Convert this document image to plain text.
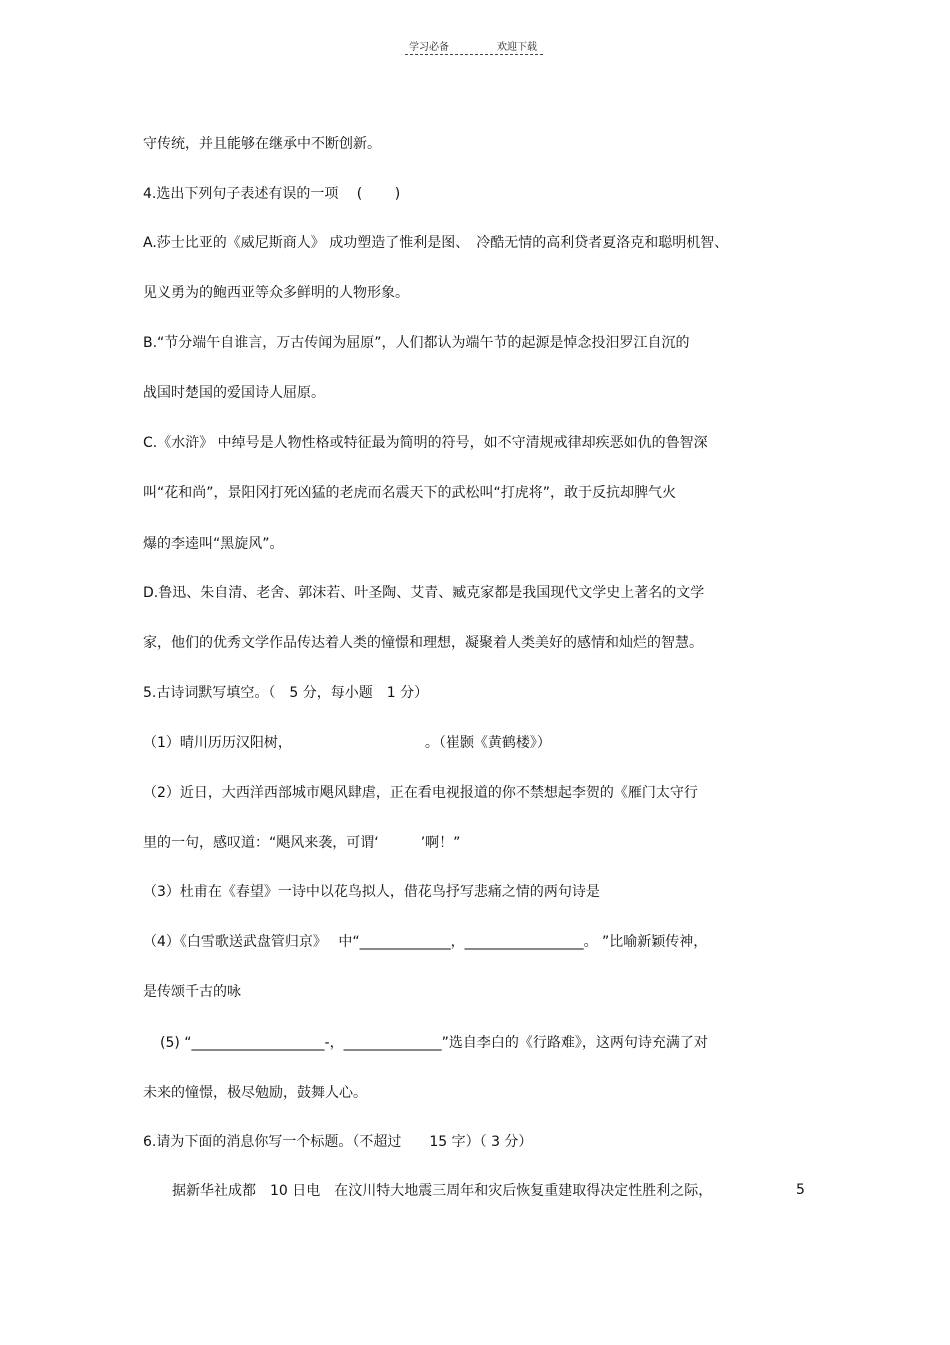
学习必备	欢迎下载
守传统，并且能够在继承中不断创新。
4.选出下列句子表述有误的一项　 (　　 )
A.莎士比亚的《威尼斯商人》 成功塑造了惟利是图、　冷酷无情的高利贷者夏洛克和聪明机智、
见义勇为的鲍西亚等众多鲜明的人物形象。
B.“节分端午自谁言，万古传闻为屈原”，人们都认为端午节的起源是悼念投汨罗江自沉的
战国时楚国的爱国诗人屈原。
C.《水浒》 中绰号是人物性格或特征最为简明的符号，如不守清规戒律却疾恶如仇的鲁智深
叫“花和尚”，景阳冈打死凶猛的老虎而名震天下的武松叫“打虎将”，敢于反抗却脾气火
爆的李逵叫“黑旋风”。
D.鲁迅、朱自清、老舍、郭沫若、叶圣陶、艾青、臧克家都是我国现代文学史上著名的文学
家，他们的优秀文学作品传达着人类的憧憬和理想，凝聚着人类美好的感情和灿烂的智慧。
5.古诗词默写填空。（　5 分，每小题　1 分）
（1）晴川历历汉阳树，　　　　　　　　　　。（崔颢《黄鹤楼》）
（2）近日，大西洋西部城市飓风肆虐，正在看电视报道的你不禁想起李贺的《雁门太守行
里的一句，感叹道：“飓风来袭，可谓‘　　　’啊！”
（3）杜甫在《春望》一诗中以花鸟拟人，借花鸟抒写悲痛之情的两句诗是
（4）《白雪歌送武盘管归京》　 中“_____________，_________________。 ”比喻新颖传神，
是传颂千古的咏
(5) “___________________-，______________”选自李白的《行路难》，这两句诗充满了对
未来的憧憬，极尽勉励，鼓舞人心。
6.请为下面的消息你写一个标题。（不超过　　15 字）（ 3 分）
据新华社成都　10 日电　在汶川特大地震三周年和灾后恢复重建取得决定性胜利之际，	5
